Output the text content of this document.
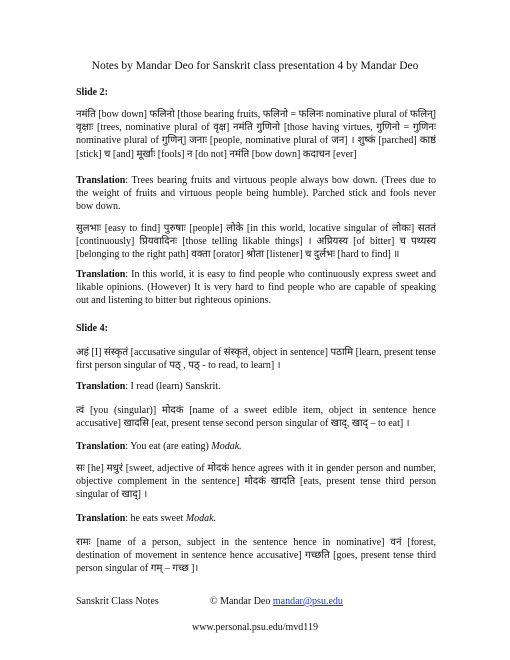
Notes by Mandar Deo for Sanskrit class presentation 4 by Mandar Deo
Slide 2:
नमंति [bow down] फलिनो [those bearing fruits, फलिनो = फलिनः nominative plural of फलिन्] वृक्षाः [trees, nominative plural of वृक्ष] नमंति गुणिनो [those having virtues, गुणिनो = गुणिनः nominative plural of गुणिन्] जनाः [people, nominative plural of जन] । शुष्कं [parched] काष्ठं [stick] च [and] मूर्खाः [fools] न [do not] नमंति [bow down] कदाचन [ever]
Translation: Trees bearing fruits and virtuous people always bow down. (Trees due to the weight of fruits and virtuous people being humble). Parched stick and fools never bow down.
सुलभाः [easy to find] पुरुषाः [people] लोके [in this world, locative singular of लोकः] सततं [continuously] प्रियवादिनः [those telling likable things] । अप्रियस्य [of bitter] च पथ्यस्य [belonging to the right path] वक्ता [orator] श्रोता [listener] च दुर्लभः [hard to find] ॥
Translation: In this world, it is easy to find people who continuously express sweet and likable opinions. (However) It is very hard to find people who are capable of speaking out and listening to bitter but righteous opinions.
Slide 4:
अहं [I] संस्कृतं [accusative singular of संस्कृतं, object in sentence] पठामि [learn, present tense first person singular of पठ् , पठ् - to read, to learn] ।
Translation: I read (learn) Sanskrit.
त्वं [you (singular)] मोदकं [name of a sweet edible item, object in sentence hence accusative] खादसि [eat, present tense second person singular of खाद्, खाद् – to eat] ।
Translation: You eat (are eating) Modak.
सः [he] मधुरं [sweet, adjective of मोदकं hence agrees with it in gender person and number, objective complement in the sentence] मोदकं खादति [eats, present tense third person singular of खाद्] ।
Translation: he eats sweet Modak.
रामः [name of a person, subject in the sentence hence in nominative] वनं [forest, destination of movement in sentence hence accusative] गच्छति [goes, present tense third person singular of गम् – गच्छ ]।
Sanskrit Class Notes	© Mandar Deo mandar@psu.edu
www.personal.psu.edu/mvd119
